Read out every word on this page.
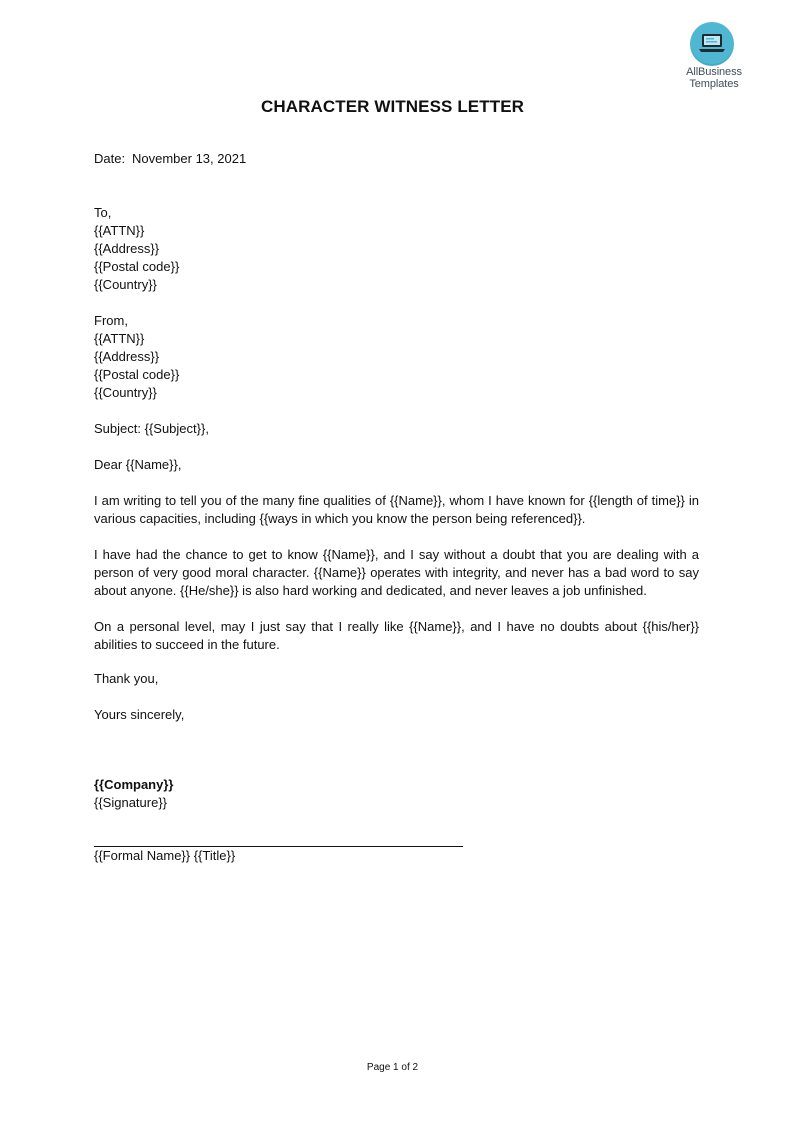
AllBusiness
Templates
CHARACTER WITNESS LETTER

Date: November 13, 2021

To,

{{ATTN}}

{{Address}}

{{Postal code}}

{{Country}}

From,

{{ATTN}}

{{Address}}

{{Postal code}}

{{Country}}

Subject: {{Subject}},

Dear {{Name}},

I am writing to tell you of the many fine qualities of {{Name}}, whom I have known for {{length of time}} in various capacities, including {{ways in which you know the person being referenced}}.

I have had the chance to get to know {{Name}}, and I say without a doubt that you are dealing with a person of very good moral character. {{Name}} operates with integrity, and never has a bad word to say about anyone. {{He/she}} is also hard working and dedicated, and never leaves a job unfinished.

On a personal level, may I just say that I really like {{Name}}, and I have no doubts about {{his/her}} abilities to succeed in the future.

Thank you,

Yours sincerely,

{{Company}}

{{Signature}}

{{Formal Name}} {{Title}}
Page 1 of 2
